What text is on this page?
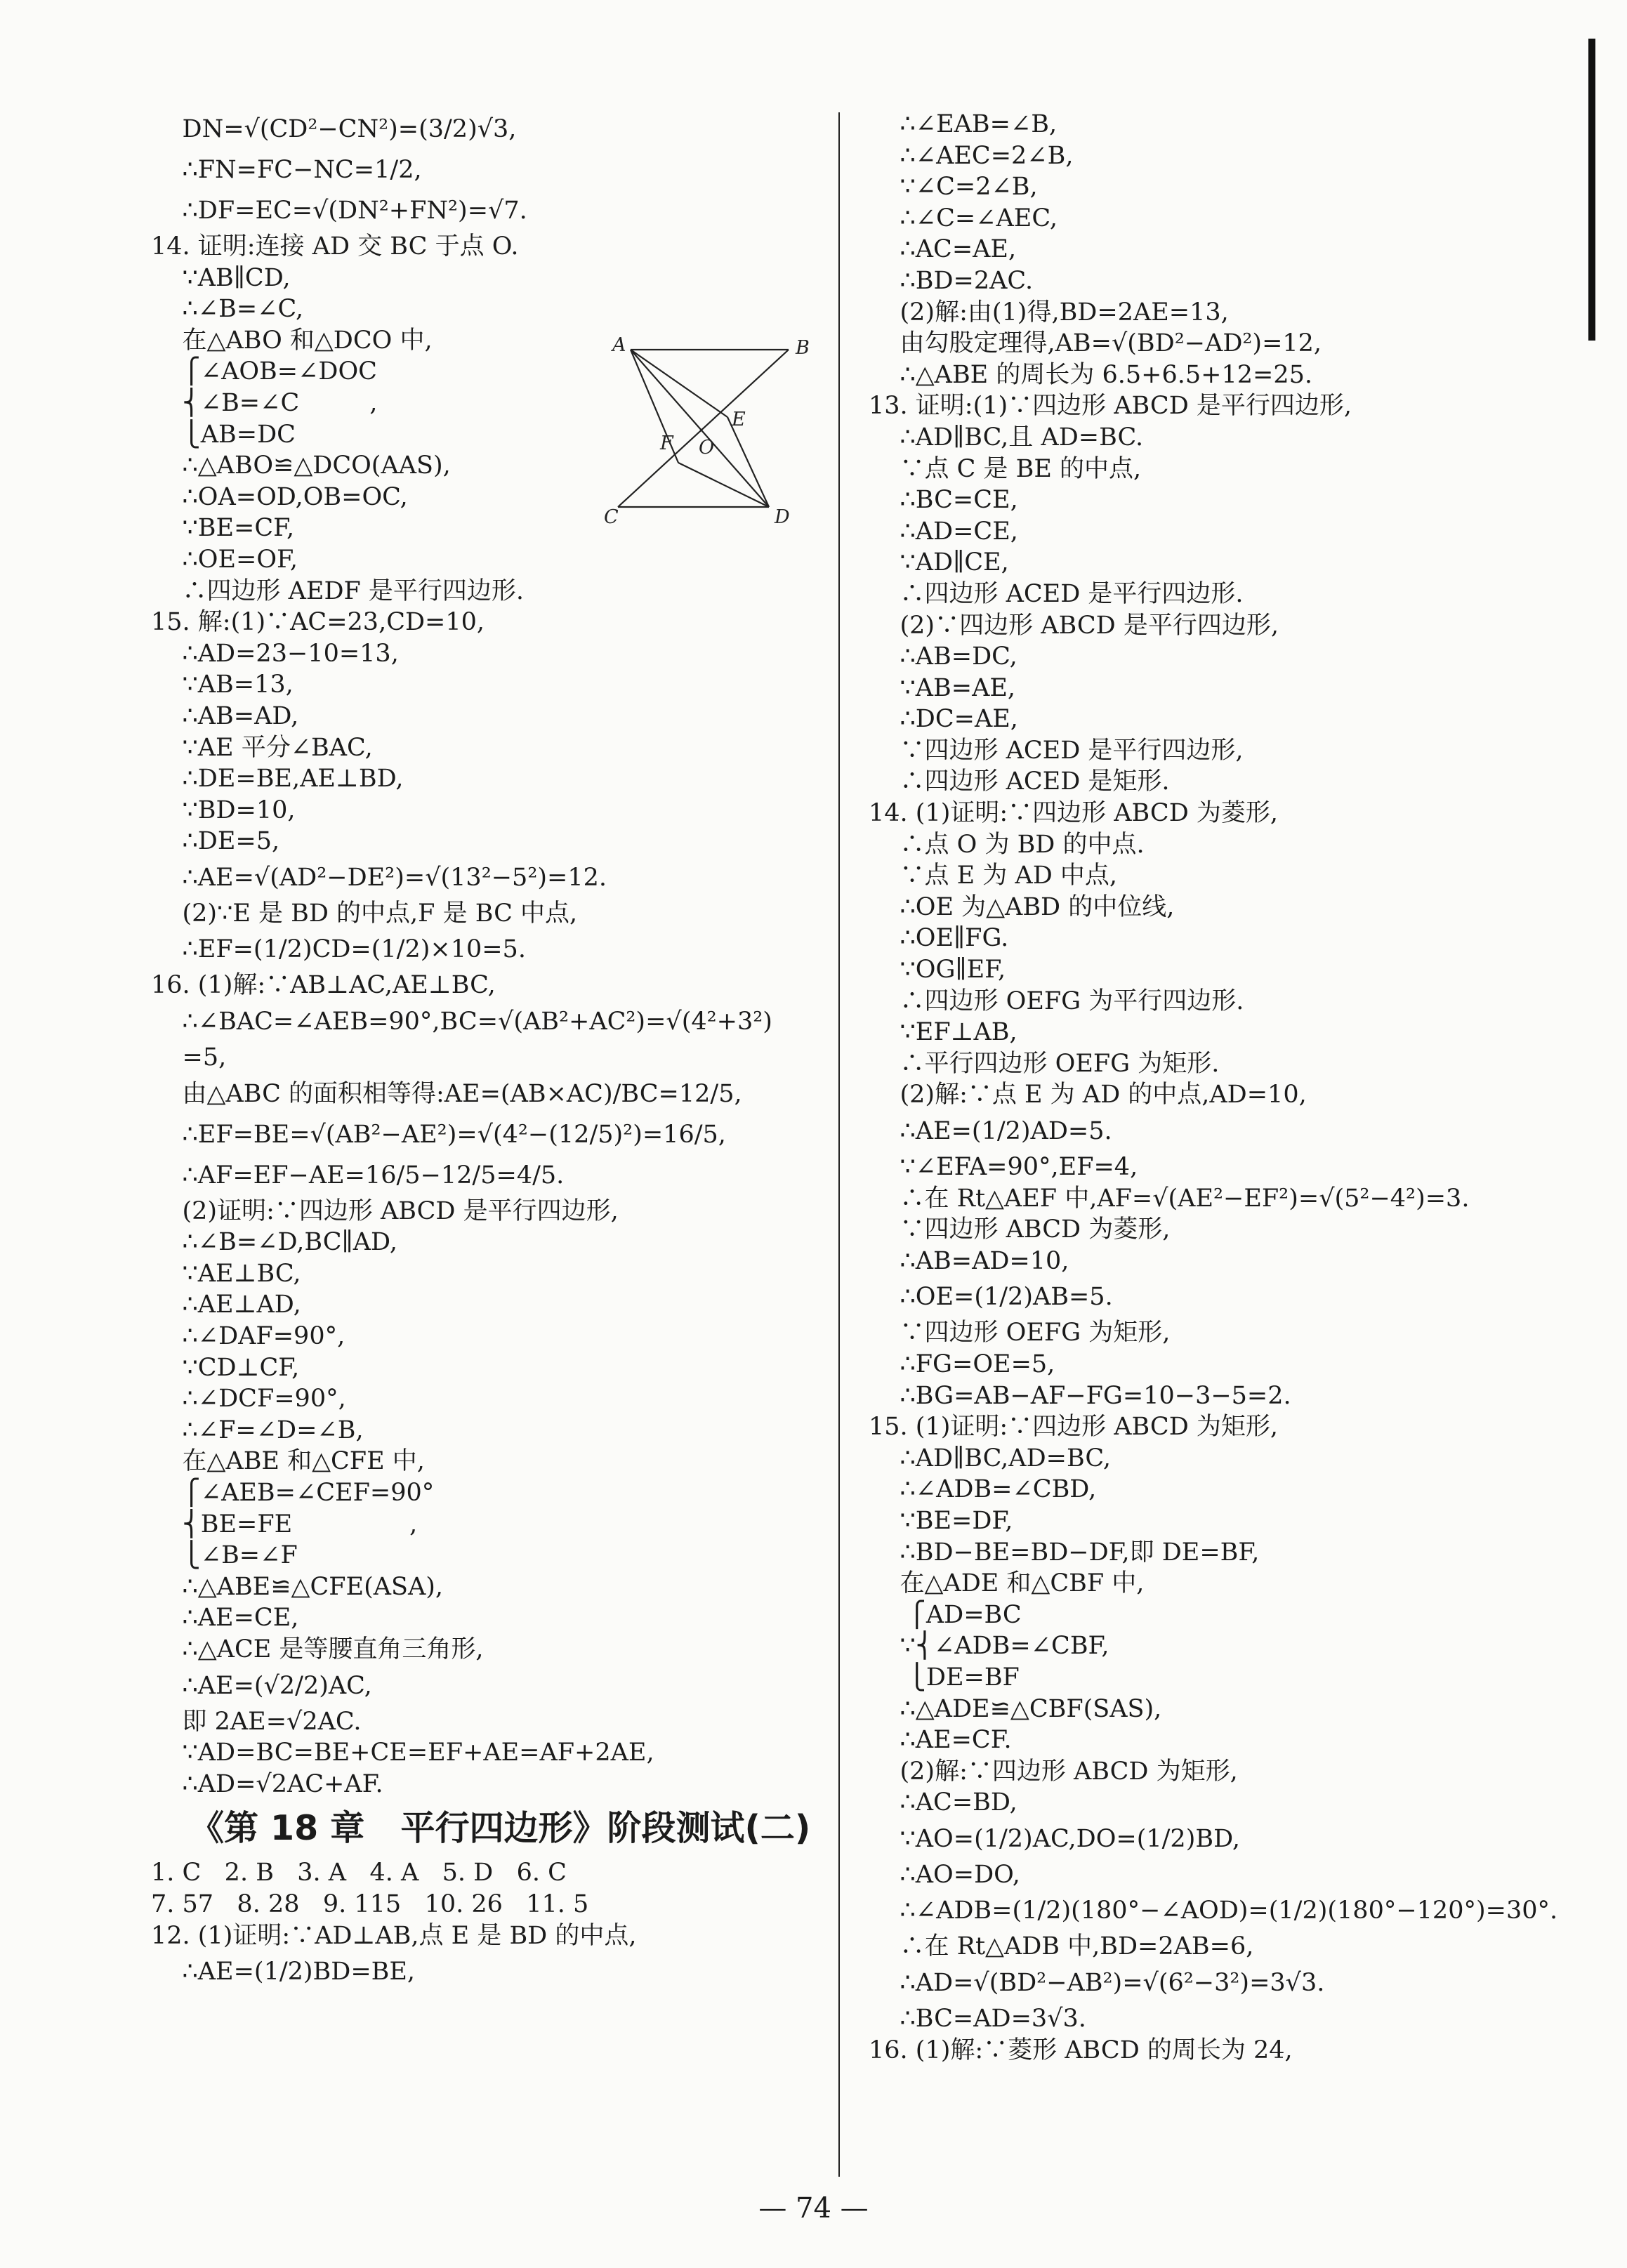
DN=√(CD²−CN²)=(3/2)√3,
∴FN=FC−NC=1/2,
∴DF=EC=√(DN²+FN²)=√7.
14. 证明:连接 AD 交 BC 于点 O.
∵AB∥CD,
∴∠B=∠C,
在△ABO 和△DCO 中,
⎧∠AOB=∠DOC
⎨∠B=∠C         ,
⎩AB=DC
∴△ABO≌△DCO(AAS),
∴OA=OD,OB=OC,
∵BE=CF,
∴OE=OF,
∴四边形 AEDF 是平行四边形.
15. 解:(1)∵AC=23,CD=10,
∴AD=23−10=13,
∵AB=13,
∴AB=AD,
∵AE 平分∠BAC,
∴DE=BE,AE⊥BD,
∵BD=10,
∴DE=5,
∴AE=√(AD²−DE²)=√(13²−5²)=12.
(2)∵E 是 BD 的中点,F 是 BC 中点,
∴EF=(1/2)CD=(1/2)×10=5.
16. (1)解:∵AB⊥AC,AE⊥BC,
∴∠BAC=∠AEB=90°,BC=√(AB²+AC²)=√(4²+3²)
=5,
由△ABC 的面积相等得:AE=(AB×AC)/BC=12/5,
∴EF=BE=√(AB²−AE²)=√(4²−(12/5)²)=16/5,
∴AF=EF−AE=16/5−12/5=4/5.
(2)证明:∵四边形 ABCD 是平行四边形,
∴∠B=∠D,BC∥AD,
∵AE⊥BC,
∴AE⊥AD,
∴∠DAF=90°,
∵CD⊥CF,
∴∠DCF=90°,
∴∠F=∠D=∠B,
在△ABE 和△CFE 中,
⎧∠AEB=∠CEF=90°
⎨BE=FE               ,
⎩∠B=∠F
∴△ABE≌△CFE(ASA),
∴AE=CE,
∴△ACE 是等腰直角三角形,
∴AE=(√2/2)AC,
即 2AE=√2AC.
∵AD=BC=BE+CE=EF+AE=AF+2AE,
∴AD=√2AC+AF.
《第 18 章   平行四边形》阶段测试(二)
1. C   2. B   3. A   4. A   5. D   6. C
7. 57   8. 28   9. 115   10. 26   11. 5
12. (1)证明:∵AD⊥AB,点 E 是 BD 的中点,
∴AE=(1/2)BD=BE,
∴∠EAB=∠B,
∴∠AEC=2∠B,
∵∠C=2∠B,
∴∠C=∠AEC,
∴AC=AE,
∴BD=2AC.
(2)解:由(1)得,BD=2AE=13,
由勾股定理得,AB=√(BD²−AD²)=12,
∴△ABE 的周长为 6.5+6.5+12=25.
13. 证明:(1)∵四边形 ABCD 是平行四边形,
∴AD∥BC,且 AD=BC.
∵点 C 是 BE 的中点,
∴BC=CE,
∴AD=CE,
∵AD∥CE,
∴四边形 ACED 是平行四边形.
(2)∵四边形 ABCD 是平行四边形,
∴AB=DC,
∵AB=AE,
∴DC=AE,
∵四边形 ACED 是平行四边形,
∴四边形 ACED 是矩形.
14. (1)证明:∵四边形 ABCD 为菱形,
∴点 O 为 BD 的中点.
∵点 E 为 AD 中点,
∴OE 为△ABD 的中位线,
∴OE∥FG.
∵OG∥EF,
∴四边形 OEFG 为平行四边形.
∵EF⊥AB,
∴平行四边形 OEFG 为矩形.
(2)解:∵点 E 为 AD 的中点,AD=10,
∴AE=(1/2)AD=5.
∵∠EFA=90°,EF=4,
∴在 Rt△AEF 中,AF=√(AE²−EF²)=√(5²−4²)=3.
∵四边形 ABCD 为菱形,
∴AB=AD=10,
∴OE=(1/2)AB=5.
∵四边形 OEFG 为矩形,
∴FG=OE=5,
∴BG=AB−AF−FG=10−3−5=2.
15. (1)证明:∵四边形 ABCD 为矩形,
∴AD∥BC,AD=BC,
∴∠ADB=∠CBD,
∵BE=DF,
∴BD−BE=BD−DF,即 DE=BF,
在△ADE 和△CBF 中,
⎧AD=BC
∵⎨∠ADB=∠CBF,
⎩DE=BF
∴△ADE≌△CBF(SAS),
∴AE=CF.
(2)解:∵四边形 ABCD 为矩形,
∴AC=BD,
∵AO=(1/2)AC,DO=(1/2)BD,
∴AO=DO,
∴∠ADB=(1/2)(180°−∠AOD)=(1/2)(180°−120°)=30°.
∴在 Rt△ADB 中,BD=2AB=6,
∴AD=√(BD²−AB²)=√(6²−3²)=3√3.
∴BC=AD=3√3.
16. (1)解:∵菱形 ABCD 的周长为 24,
A	B
C	D
E
F O
— 74 —
